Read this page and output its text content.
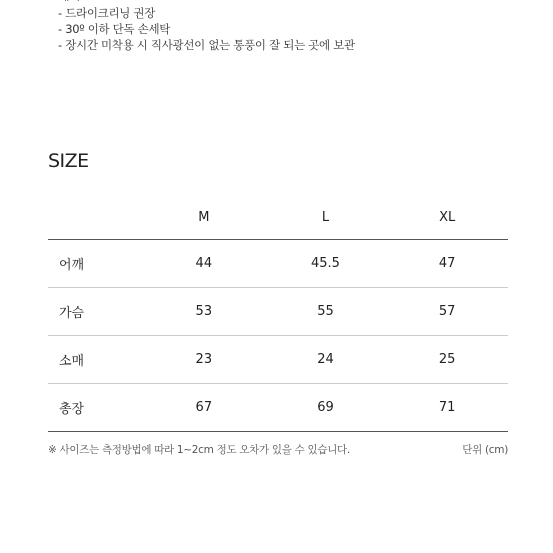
- 드라이크리닝 권장
- 30º 이하 단독 손세탁
- 장시간 미착용 시 직사광선이 없는 통풍이 잘 되는 곳에 보관
SIZE
	M	L	XL
어깨	44	45.5	47
가슴	53	55	57
소매	23	24	25
총장	67	69	71
※ 사이즈는 측정방법에 따라 1~2cm 정도 오차가 있을 수 있습니다.	단위 (cm)
